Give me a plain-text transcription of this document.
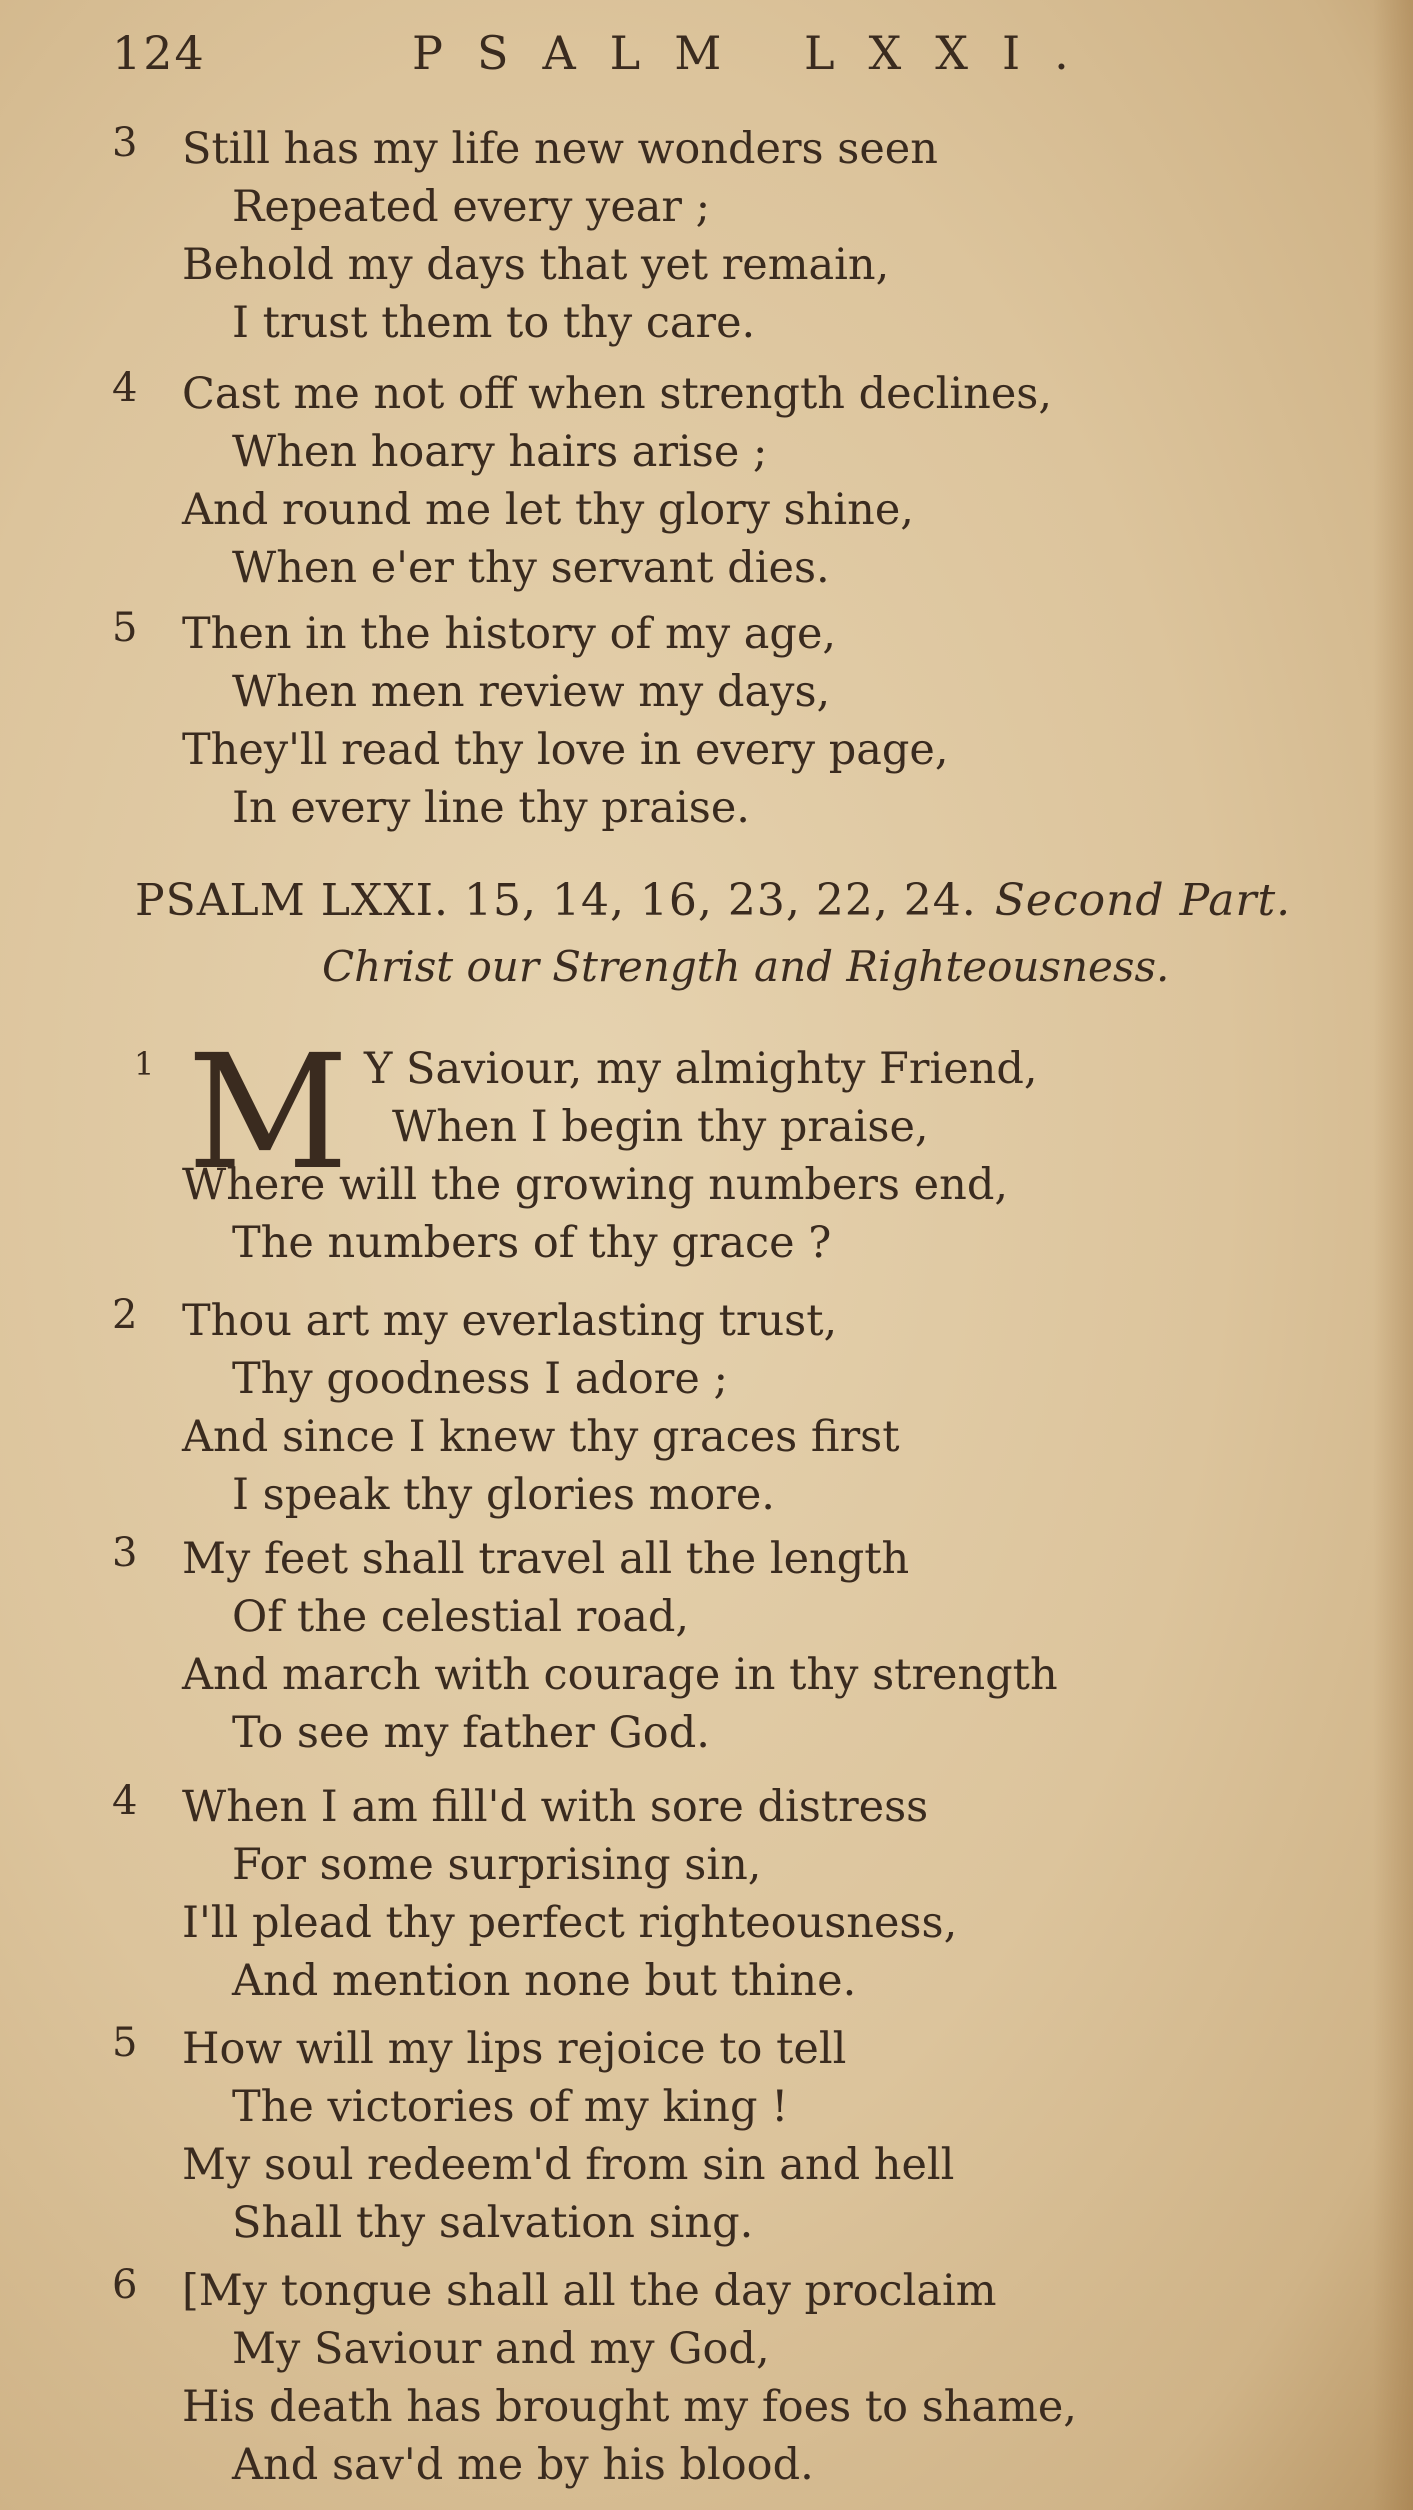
124	PSALM LXXI.
3 Still has my life new wonders seen
Repeated every year ;
Behold my days that yet remain,
I trust them to thy care.
4 Cast me not off when strength declines,
When hoary hairs arise ;
And round me let thy glory shine,
When e'er thy servant dies.
5 Then in the history of my age,
When men review my days,
They'll read thy love in every page,
In every line thy praise.
PSALM LXXI. 15, 14, 16, 23, 22, 24. Second Part.
Christ our Strength and Righteousness.
1 M Y Saviour, my almighty Friend,
When I begin thy praise,
Where will the growing numbers end,
The numbers of thy grace ?
2 Thou art my everlasting trust,
Thy goodness I adore ;
And since I knew thy graces first
I speak thy glories more.
3 My feet shall travel all the length
Of the celestial road,
And march with courage in thy strength
To see my father God.
4 When I am fill'd with sore distress
For some surprising sin,
I'll plead thy perfect righteousness,
And mention none but thine.
5 How will my lips rejoice to tell
The victories of my king !
My soul redeem'd from sin and hell
Shall thy salvation sing.
6 [My tongue shall all the day proclaim
My Saviour and my God,
His death has brought my foes to shame,
And sav'd me by his blood.
